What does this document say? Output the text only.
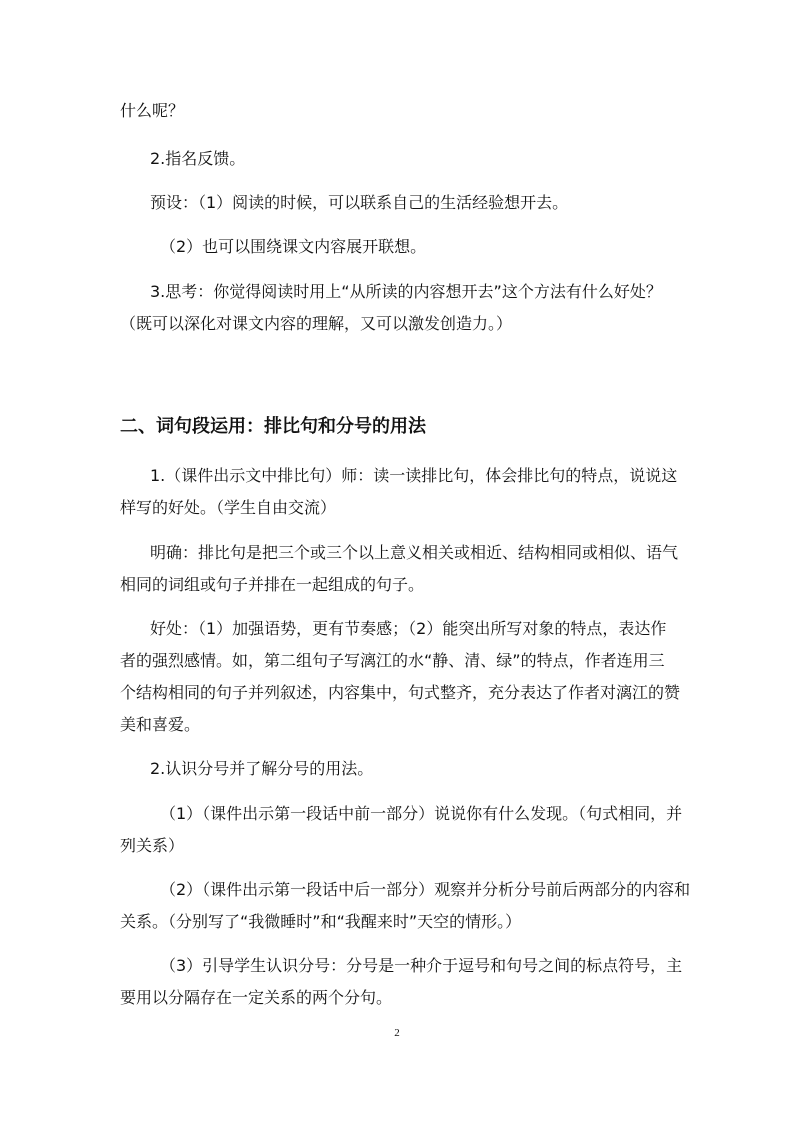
什么呢？
2.指名反馈。
预设：（1）阅读的时候，可以联系自己的生活经验想开去。
（2）也可以围绕课文内容展开联想。
3.思考：你觉得阅读时用上“从所读的内容想开去”这个方法有什么好处？
（既可以深化对课文内容的理解，又可以激发创造力。）
二、词句段运用：排比句和分号的用法
1.（课件出示文中排比句）师：读一读排比句，体会排比句的特点，说说这
样写的好处。（学生自由交流）
明确：排比句是把三个或三个以上意义相关或相近、结构相同或相似、语气
相同的词组或句子并排在一起组成的句子。
好处：（1）加强语势，更有节奏感；（2）能突出所写对象的特点，表达作
者的强烈感情。如，第二组句子写漓江的水“静、清、绿”的特点，作者连用三
个结构相同的句子并列叙述，内容集中，句式整齐，充分表达了作者对漓江的赞
美和喜爱。
2.认识分号并了解分号的用法。
（1）（课件出示第一段话中前一部分）说说你有什么发现。（句式相同，并
列关系）
（2）（课件出示第一段话中后一部分）观察并分析分号前后两部分的内容和
关系。（分别写了“我微睡时”和“我醒来时”天空的情形。）
（3）引导学生认识分号：分号是一种介于逗号和句号之间的标点符号，主
要用以分隔存在一定关系的两个分句。
2
